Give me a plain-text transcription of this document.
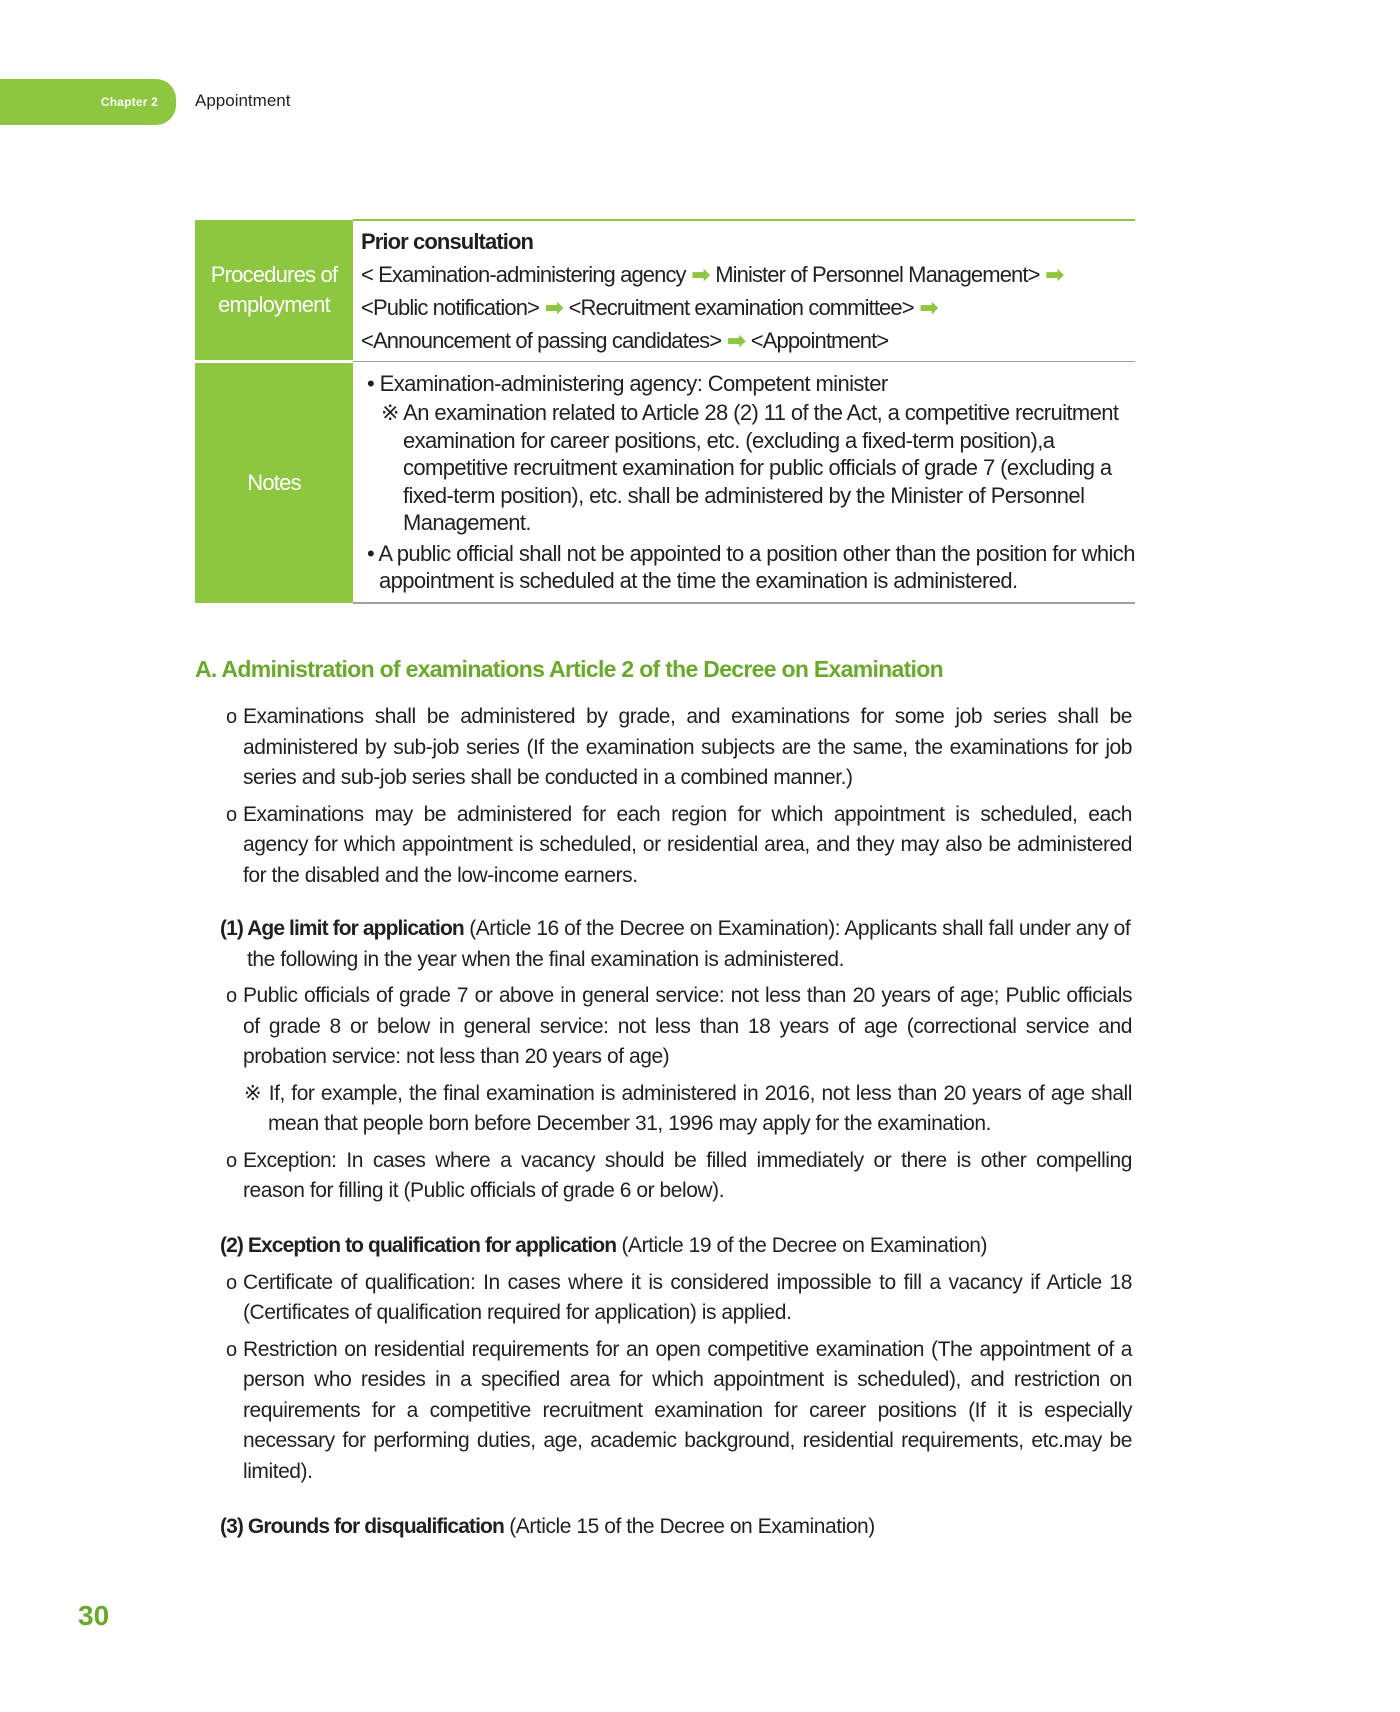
Chapter 2 Appointment
Procedures of employment	Prior consultation
< Examination-administering agency ➡ Minister of Personnel Management> ➡
<Public notification> ➡ <Recruitment examination committee> ➡
<Announcement of passing candidates> ➡ <Appointment>

Notes	• Examination-administering agency: Competent minister
※ An examination related to Article 28 (2) 11 of the Act, a competitive recruitment examination for career positions, etc. (excluding a fixed-term position),a competitive recruitment examination for public officials of grade 7 (excluding a fixed-term position), etc. shall be administered by the Minister of Personnel Management.
• A public official shall not be appointed to a position other than the position for which appointment is scheduled at the time the examination is administered.
A. Administration of examinations Article 2 of the Decree on Examination
o Examinations shall be administered by grade, and examinations for some job series shall be administered by sub-job series (If the examination subjects are the same, the examinations for job series and sub-job series shall be conducted in a combined manner.)
o Examinations may be administered for each region for which appointment is scheduled, each agency for which appointment is scheduled, or residential area, and they may also be administered for the disabled and the low-income earners.

(1) Age limit for application (Article 16 of the Decree on Examination): Applicants shall fall under any of the following in the year when the final examination is administered.

o Public officials of grade 7 or above in general service: not less than 20 years of age; Public officials of grade 8 or below in general service: not less than 18 years of age (correctional service and probation service: not less than 20 years of age)
※ If, for example, the final examination is administered in 2016, not less than 20 years of age shall mean that people born before December 31, 1996 may apply for the examination.
o Exception: In cases where a vacancy should be filled immediately or there is other compelling reason for filling it (Public officials of grade 6 or below).

(2) Exception to qualification for application (Article 19 of the Decree on Examination)

o Certificate of qualification: In cases where it is considered impossible to fill a vacancy if Article 18 (Certificates of qualification required for application) is applied.
o Restriction on residential requirements for an open competitive examination (The appointment of a person who resides in a specified area for which appointment is scheduled), and restriction on requirements for a competitive recruitment examination for career positions (If it is especially necessary for performing duties, age, academic background, residential requirements, etc.may be limited).

(3) Grounds for disqualification (Article 15 of the Decree on Examination)

30
